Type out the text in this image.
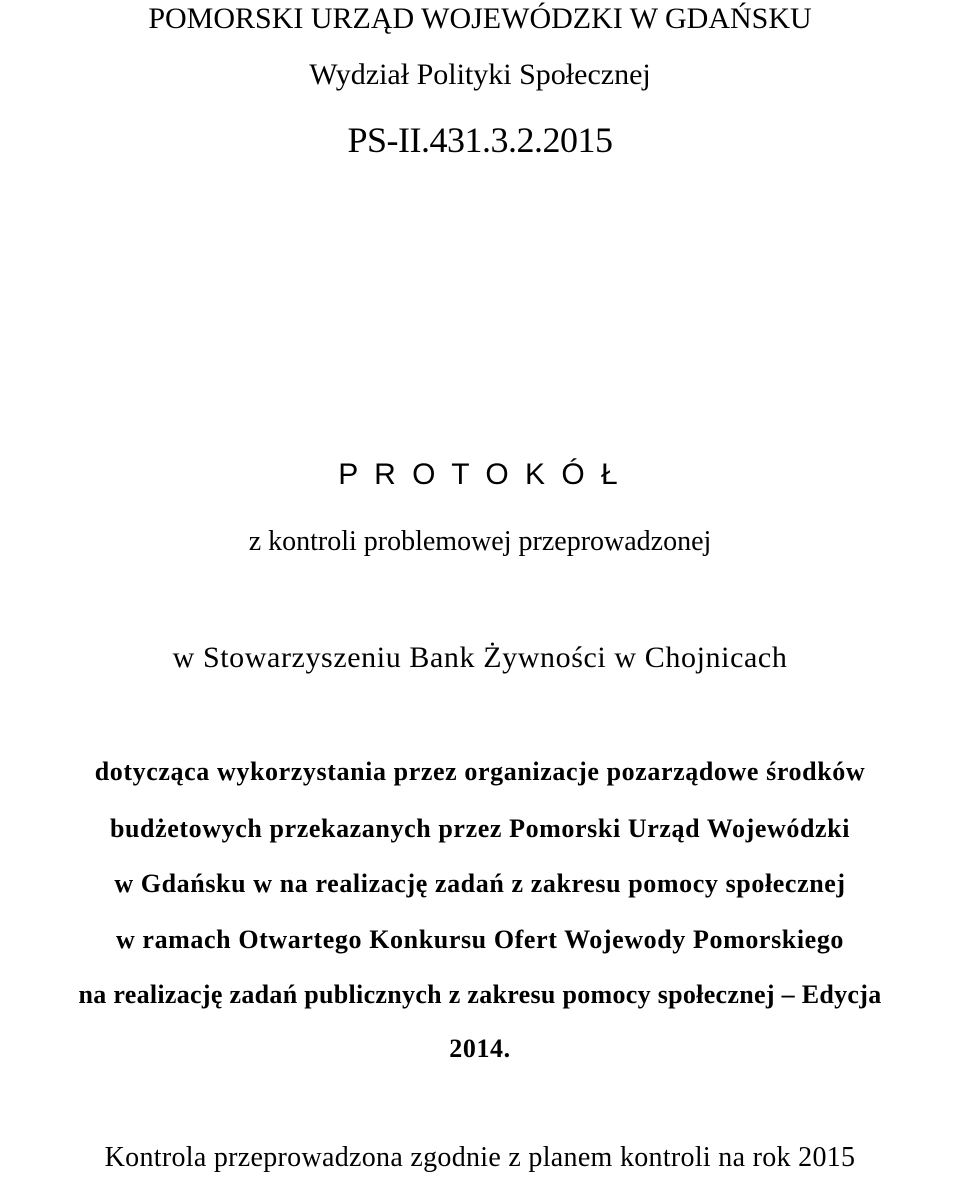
POMORSKI URZĄD WOJEWÓDZKI W GDAŃSKU
Wydział Polityki Społecznej
PS-II.431.3.2.2015
P R O T O K Ó Ł
z kontroli problemowej przeprowadzonej
w Stowarzyszeniu Bank Żywności w Chojnicach
dotycząca wykorzystania przez organizacje pozarządowe środków
budżetowych przekazanych przez Pomorski Urząd Wojewódzki
w Gdańsku w na realizację zadań z zakresu pomocy społecznej
w ramach Otwartego Konkursu Ofert Wojewody Pomorskiego
na realizację zadań publicznych z zakresu pomocy społecznej – Edycja
2014.
Kontrola przeprowadzona zgodnie z planem kontroli na rok 2015
